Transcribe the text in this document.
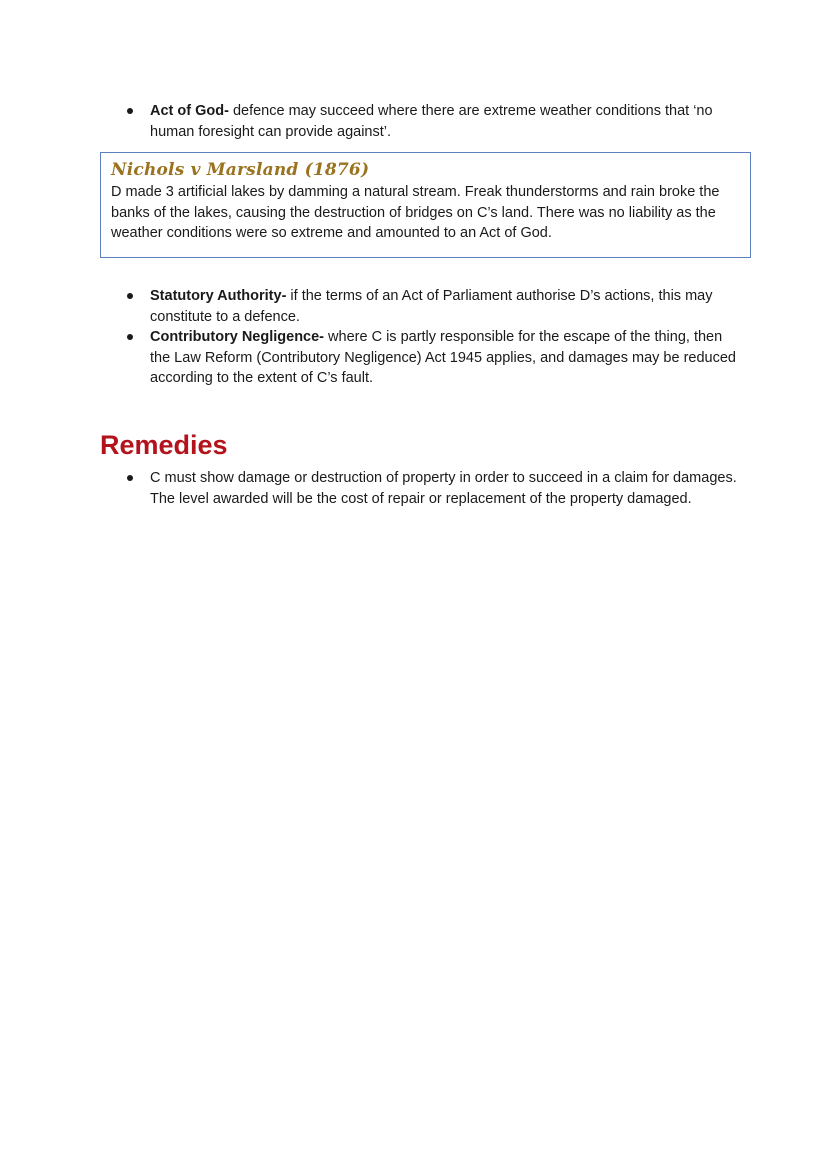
Act of God- defence may succeed where there are extreme weather conditions that ‘no human foresight can provide against’.

Nichols v Marsland (1876)

D made 3 artificial lakes by damming a natural stream. Freak thunderstorms and rain broke the banks of the lakes, causing the destruction of bridges on C’s land. There was no liability as the weather conditions were so extreme and amounted to an Act of God.

Statutory Authority- if the terms of an Act of Parliament authorise D’s actions, this may constitute to a defence.
Contributory Negligence- where C is partly responsible for the escape of the thing, then the Law Reform (Contributory Negligence) Act 1945 applies, and damages may be reduced according to the extent of C’s fault.
Remedies
C must show damage or destruction of property in order to succeed in a claim for damages. The level awarded will be the cost of repair or replacement of the property damaged.
